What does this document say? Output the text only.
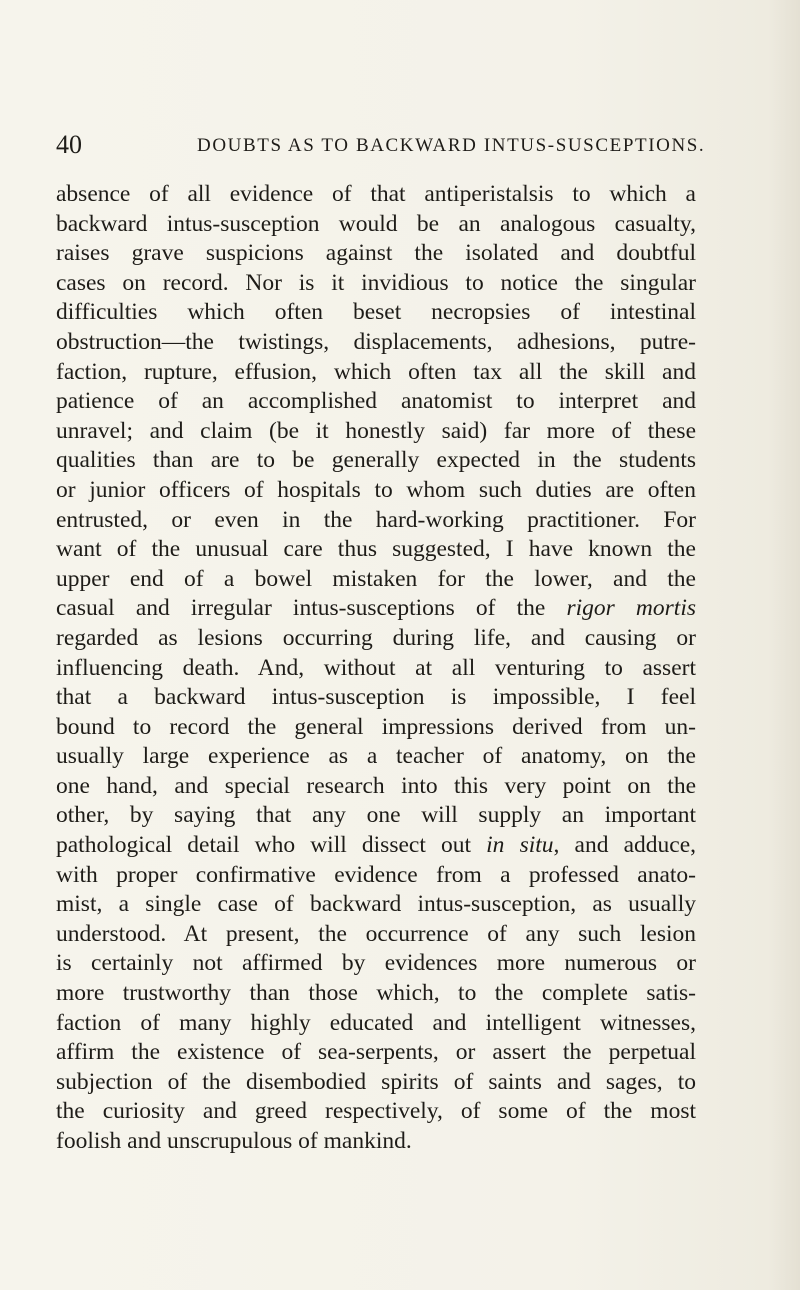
40	DOUBTS AS TO BACKWARD INTUS-SUSCEPTIONS.
absence of all evidence of that antiperistalsis to which a
backward intus-susception would be an analogous casualty,
raises grave suspicions against the isolated and doubtful
cases on record. Nor is it invidious to notice the singular
difficulties which often beset necropsies of intestinal
obstruction—the twistings, displacements, adhesions, putre-
faction, rupture, effusion, which often tax all the skill and
patience of an accomplished anatomist to interpret and
unravel; and claim (be it honestly said) far more of these
qualities than are to be generally expected in the students
or junior officers of hospitals to whom such duties are often
entrusted, or even in the hard-working practitioner. For
want of the unusual care thus suggested, I have known the
upper end of a bowel mistaken for the lower, and the
casual and irregular intus-susceptions of the rigor mortis
regarded as lesions occurring during life, and causing or
influencing death. And, without at all venturing to assert
that a backward intus-susception is impossible, I feel
bound to record the general impressions derived from un-
usually large experience as a teacher of anatomy, on the
one hand, and special research into this very point on the
other, by saying that any one will supply an important
pathological detail who will dissect out in situ, and adduce,
with proper confirmative evidence from a professed anato-
mist, a single case of backward intus-susception, as usually
understood. At present, the occurrence of any such lesion
is certainly not affirmed by evidences more numerous or
more trustworthy than those which, to the complete satis-
faction of many highly educated and intelligent witnesses,
affirm the existence of sea-serpents, or assert the perpetual
subjection of the disembodied spirits of saints and sages, to
the curiosity and greed respectively, of some of the most
foolish and unscrupulous of mankind.
